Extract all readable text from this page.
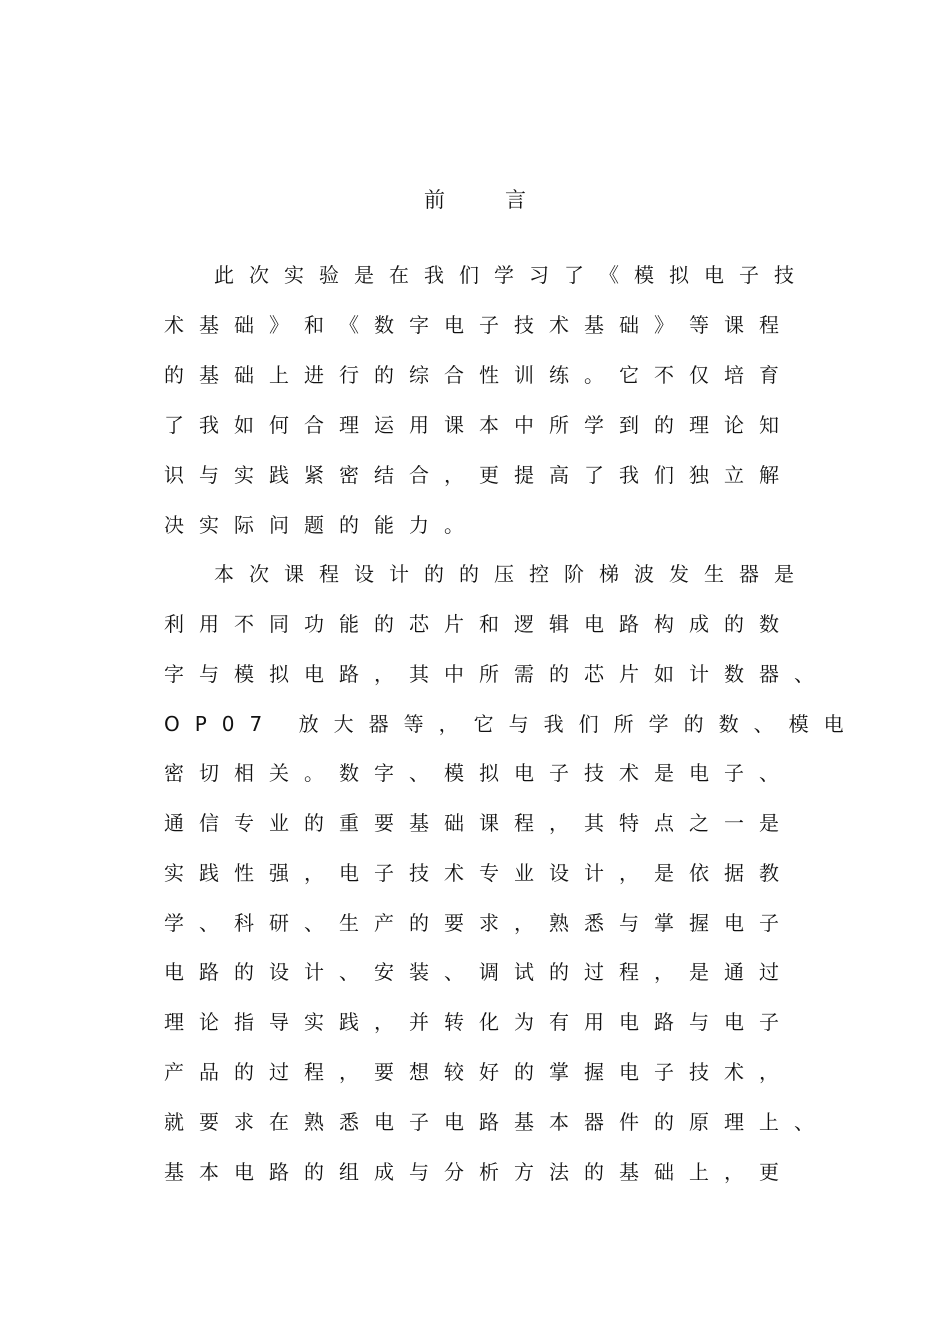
前	言
此次实验是在我们学习了《模拟电子技
术基础》和《数字电子技术基础》等课程
的基础上进行的综合性训练。它不仅培育
了我如何合理运用课本中所学到的理论知
识与实践紧密结合，更提高了我们独立解
决实际问题的能力。
本次课程设计的的压控阶梯波发生器是
利用不同功能的芯片和逻辑电路构成的数
字与模拟电路，其中所需的芯片如计数器、
OP07 放大器等，它与我们所学的数、模电
密切相关。数字、模拟电子技术是电子、
通信专业的重要基础课程，其特点之一是
实践性强，电子技术专业设计，是依据教
学、科研、生产的要求，熟悉与掌握电子
电路的设计、安装、调试的过程，是通过
理论指导实践，并转化为有用电路与电子
产品的过程，要想较好的掌握电子技术，
就要求在熟悉电子电路基本器件的原理上、
基本电路的组成与分析方法的基础上，更
